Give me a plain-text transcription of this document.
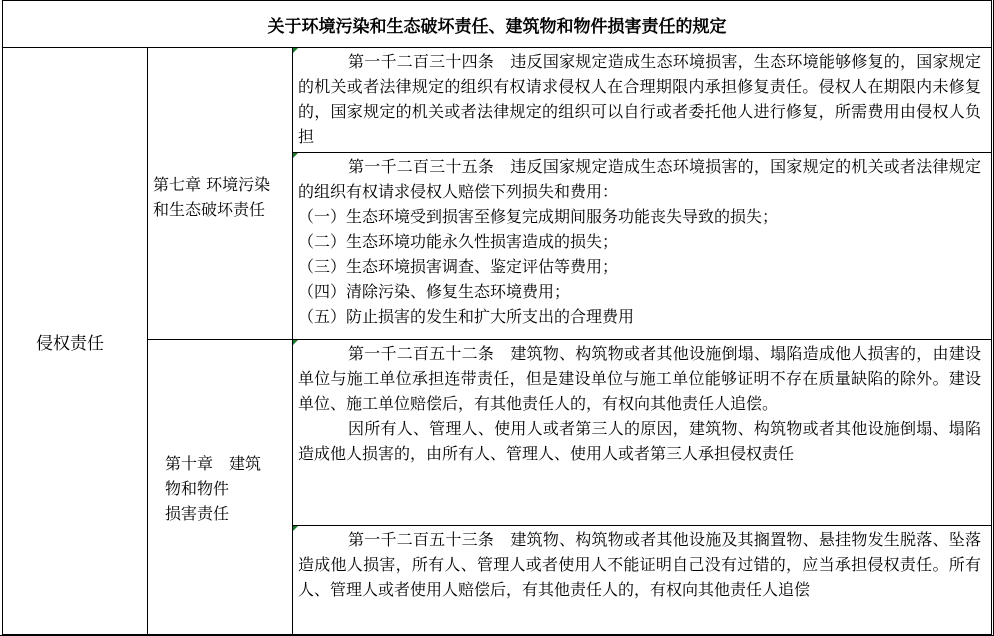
关于环境污染和生态破坏责任、建筑物和物件损害责任的规定
侵权责任
第七章 环境污染
和生态破坏责任
第十章　建筑
物和物件
损害责任
第一千二百三十四条　违反国家规定造成生态环境损害，生态环境能够修复的，国家规定的机关或者法律规定的组织有权请求侵权人在合理期限内承担修复责任。侵权人在期限内未修复的，国家规定的机关或者法律规定的组织可以自行或者委托他人进行修复，所需费用由侵权人负担
第一千二百三十五条　违反国家规定造成生态环境损害的，国家规定的机关或者法律规定的组织有权请求侵权人赔偿下列损失和费用：
（一）生态环境受到损害至修复完成期间服务功能丧失导致的损失；
（二）生态环境功能永久性损害造成的损失；
（三）生态环境损害调查、鉴定评估等费用；
（四）清除污染、修复生态环境费用；
（五）防止损害的发生和扩大所支出的合理费用
第一千二百五十二条　建筑物、构筑物或者其他设施倒塌、塌陷造成他人损害的，由建设单位与施工单位承担连带责任，但是建设单位与施工单位能够证明不存在质量缺陷的除外。建设单位、施工单位赔偿后，有其他责任人的，有权向其他责任人追偿。
因所有人、管理人、使用人或者第三人的原因，建筑物、构筑物或者其他设施倒塌、塌陷造成他人损害的，由所有人、管理人、使用人或者第三人承担侵权责任
第一千二百五十三条　建筑物、构筑物或者其他设施及其搁置物、悬挂物发生脱落、坠落造成他人损害，所有人、管理人或者使用人不能证明自己没有过错的，应当承担侵权责任。所有人、管理人或者使用人赔偿后，有其他责任人的，有权向其他责任人追偿
